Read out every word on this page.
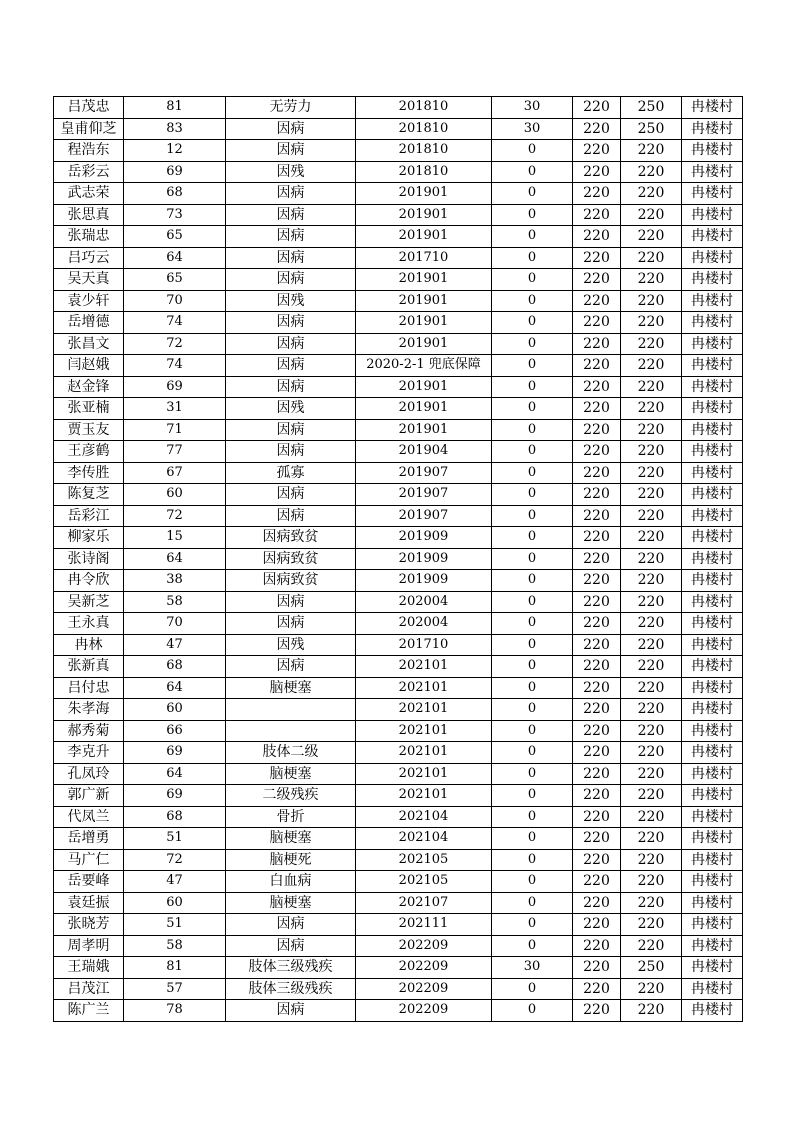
吕茂忠	81	无劳力	201810	30	220	250	冉楼村
皇甫仰芝	83	因病	201810	30	220	250	冉楼村
程浩东	12	因病	201810	0	220	220	冉楼村
岳彩云	69	因残	201810	0	220	220	冉楼村
武志荣	68	因病	201901	0	220	220	冉楼村
张思真	73	因病	201901	0	220	220	冉楼村
张瑞忠	65	因病	201901	0	220	220	冉楼村
吕巧云	64	因病	201710	0	220	220	冉楼村
吴天真	65	因病	201901	0	220	220	冉楼村
袁少轩	70	因残	201901	0	220	220	冉楼村
岳增德	74	因病	201901	0	220	220	冉楼村
张昌文	72	因病	201901	0	220	220	冉楼村
闫赵娥	74	因病	2020-2-1 兜底保障	0	220	220	冉楼村
赵金锋	69	因病	201901	0	220	220	冉楼村
张亚楠	31	因残	201901	0	220	220	冉楼村
贾玉友	71	因病	201901	0	220	220	冉楼村
王彦鹤	77	因病	201904	0	220	220	冉楼村
李传胜	67	孤寡	201907	0	220	220	冉楼村
陈复芝	60	因病	201907	0	220	220	冉楼村
岳彩江	72	因病	201907	0	220	220	冉楼村
柳家乐	15	因病致贫	201909	0	220	220	冉楼村
张诗阁	64	因病致贫	201909	0	220	220	冉楼村
冉令欣	38	因病致贫	201909	0	220	220	冉楼村
吴新芝	58	因病	202004	0	220	220	冉楼村
王永真	70	因病	202004	0	220	220	冉楼村
冉林	47	因残	201710	0	220	220	冉楼村
张新真	68	因病	202101	0	220	220	冉楼村
吕付忠	64	脑梗塞	202101	0	220	220	冉楼村
朱孝海	60		202101	0	220	220	冉楼村
郝秀菊	66		202101	0	220	220	冉楼村
李克升	69	肢体二级	202101	0	220	220	冉楼村
孔凤玲	64	脑梗塞	202101	0	220	220	冉楼村
郭广新	69	二级残疾	202101	0	220	220	冉楼村
代凤兰	68	骨折	202104	0	220	220	冉楼村
岳增勇	51	脑梗塞	202104	0	220	220	冉楼村
马广仁	72	脑梗死	202105	0	220	220	冉楼村
岳要峰	47	白血病	202105	0	220	220	冉楼村
袁廷振	60	脑梗塞	202107	0	220	220	冉楼村
张晓芳	51	因病	202111	0	220	220	冉楼村
周孝明	58	因病	202209	0	220	220	冉楼村
王瑞娥	81	肢体三级残疾	202209	30	220	250	冉楼村
吕茂江	57	肢体三级残疾	202209	0	220	220	冉楼村
陈广兰	78	因病	202209	0	220	220	冉楼村
